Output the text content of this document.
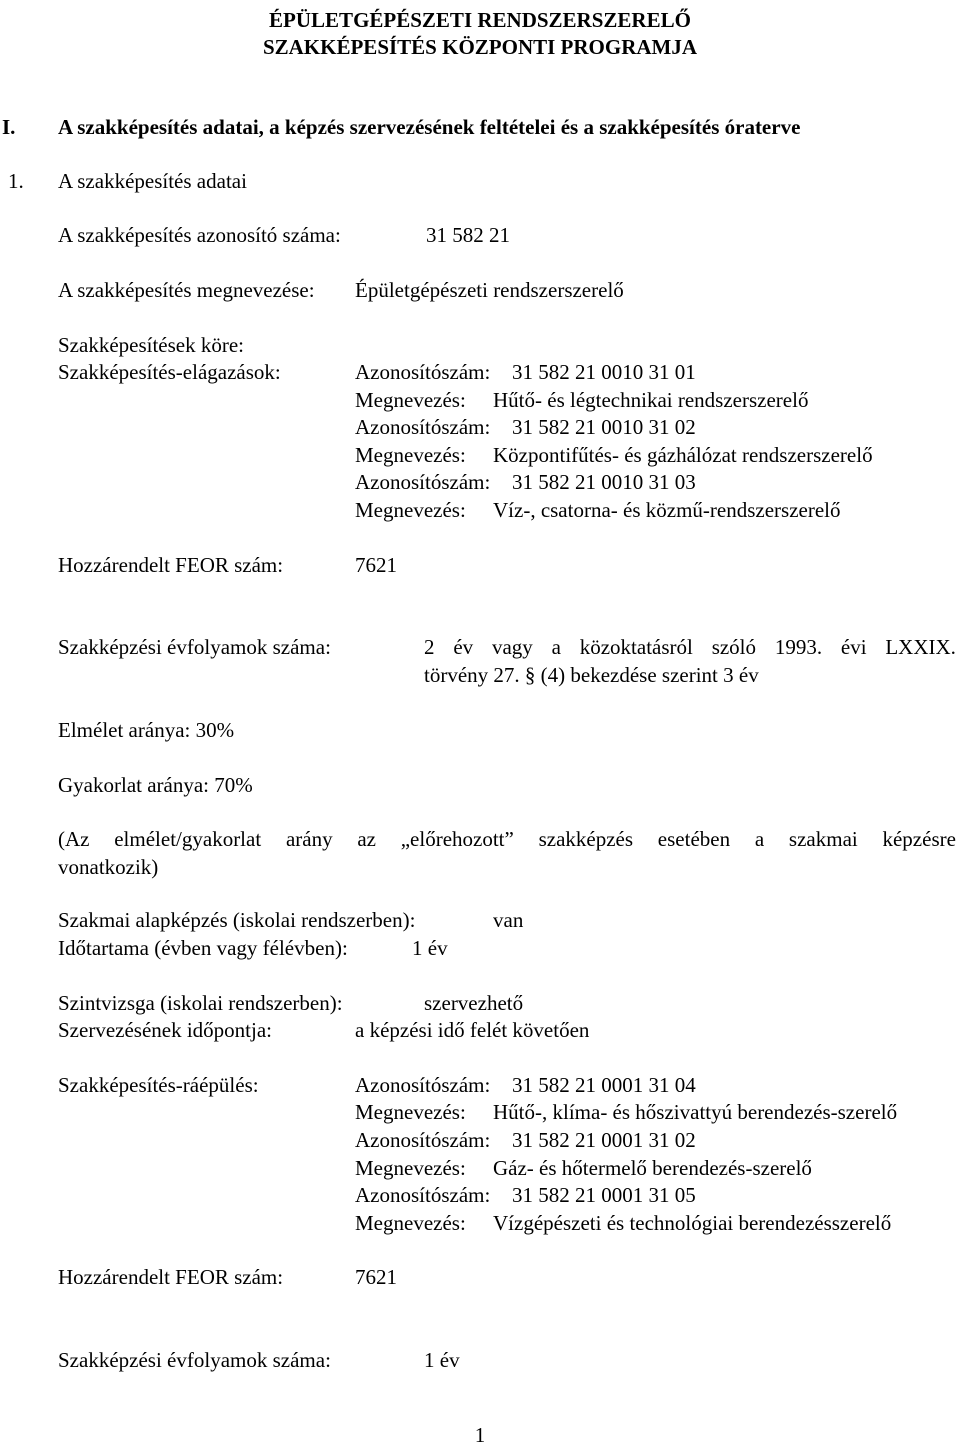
ÉPÜLETGÉPÉSZETI RENDSZERSZERELŐ
SZAKKÉPESÍTÉS KÖZPONTI PROGRAMJA
I. A szakképesítés adatai, a képzés szervezésének feltételei és a szakképesítés óraterve
1. A szakképesítés adatai
A szakképesítés azonosító száma:	31 582 21
A szakképesítés megnevezése: Épületgépészeti rendszerszerelő
Szakképesítések köre:
Szakképesítés-elágazások:	Azonosítószám: 31 582 21 0010 31 01
Megnevezés: Hűtő- és légtechnikai rendszerszerelő
Azonosítószám: 31 582 21 0010 31 02
Megnevezés: Központifűtés- és gázhálózat rendszerszerelő
Azonosítószám: 31 582 21 0010 31 03
Megnevezés: Víz-, csatorna- és közmű-rendszerszerelő
Hozzárendelt FEOR szám:	7621
Szakképzési évfolyamok száma:	2 év vagy a közoktatásról szóló 1993. évi LXXIX.
törvény 27. § (4) bekezdése szerint 3 év
Elmélet aránya: 30%
Gyakorlat aránya: 70%
(Az elmélet/gyakorlat arány az „előrehozott” szakképzés esetében a szakmai képzésre
vonatkozik)
Szakmai alapképzés (iskolai rendszerben):	van
Időtartama (évben vagy félévben):	1 év
Szintvizsga (iskolai rendszerben):	szervezhető
Szervezésének időpontja:	a képzési idő felét követően
Szakképesítés-ráépülés:	Azonosítószám: 31 582 21 0001 31 04
Megnevezés: Hűtő-, klíma- és hőszivattyú berendezés-szerelő
Azonosítószám: 31 582 21 0001 31 02
Megnevezés: Gáz- és hőtermelő berendezés-szerelő
Azonosítószám: 31 582 21 0001 31 05
Megnevezés: Vízgépészeti és technológiai berendezésszerelő
Hozzárendelt FEOR szám:	7621
Szakképzési évfolyamok száma:	1 év
1
